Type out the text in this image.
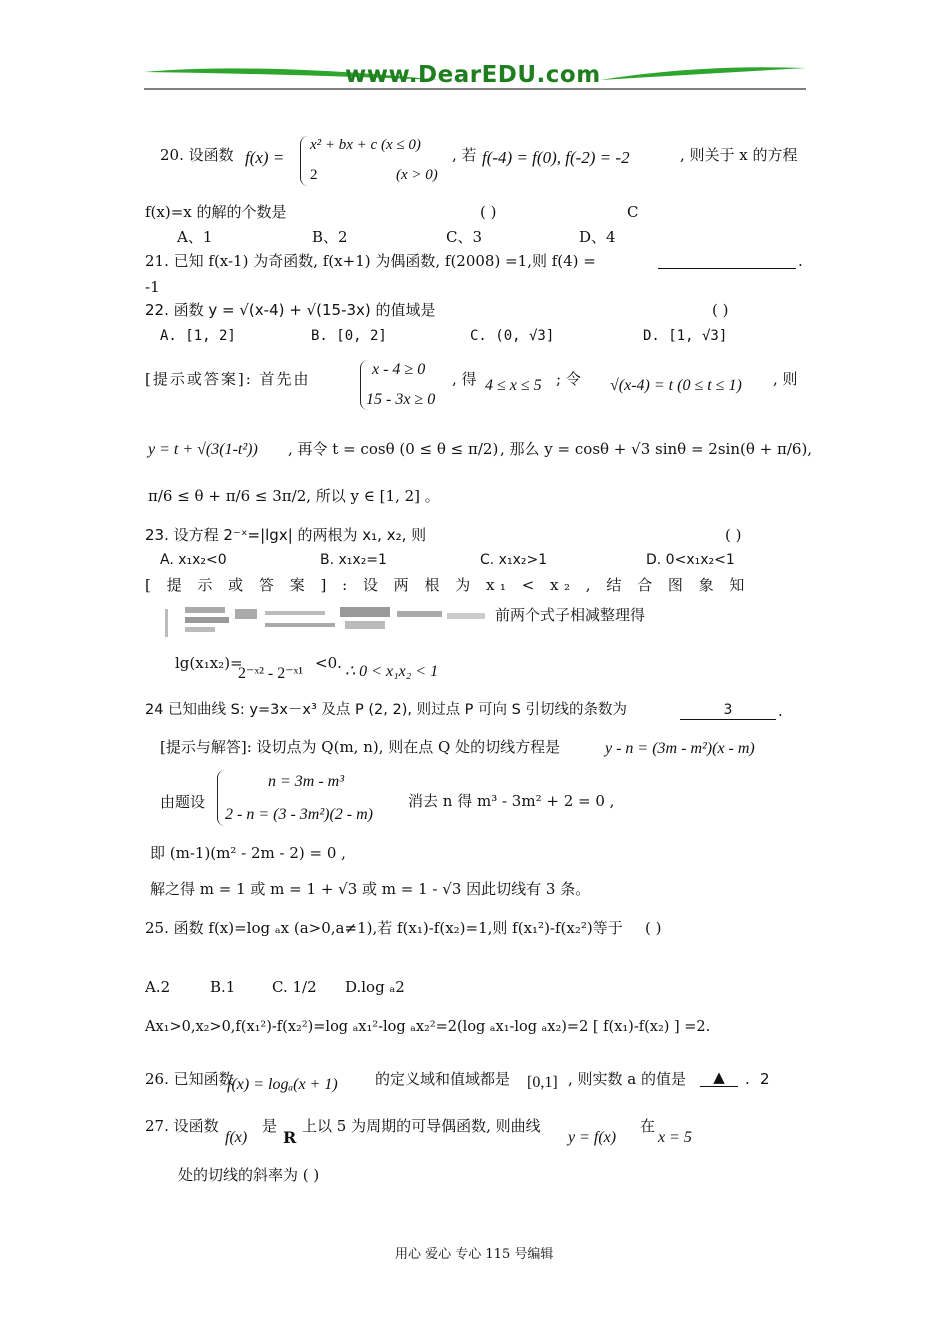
www.DearEDU.com
20. 设函数 f(x) =
x² + bx + c (x ≤ 0)
2	(x > 0)
, 若 f(-4) = f(0), f(-2) = -2	, 则关于 x 的方程
f(x)=x 的解的个数是	( )	C
A、1	B、2	C、3	D、4
21. 已知 f(x-1) 为奇函数, f(x+1) 为偶函数, f(2008) =1,则 f(4) =	.
-1
22. 函数 y = √(x-4) + √(15-3x) 的值域是	( )
A. [1, 2]	B. [0, 2]	C. (0, √3]	D. [1, √3]
[提示或答案]: 首先由
x - 4 ≥ 0
15 - 3x ≥ 0
, 得 4 ≤ x ≤ 5 ; 令 √(x-4) = t (0 ≤ t ≤ 1) , 则
y = t + √(3(1-t²)) , 再令 t = cosθ (0 ≤ θ ≤ π/2) , 那么 y = cosθ + √3 sinθ = 2sin(θ + π/6),
π/6 ≤ θ + π/6 ≤ 3π/2, 所以 y ∈ [1, 2] 。
23. 设方程 2⁻ˣ=|lgx| 的两根为 x₁, x₂, 则	( )
A. x₁x₂<0	B. x₁x₂=1	C. x₁x₂>1	D. 0<x₁x₂<1
[ 提 示 或 答 案 ] : 设 两 根 为 x₁ < x₂ , 结 合 图 象 知
前两个式子相减整理得
lg(x₁x₂)=
2⁻ˣ² - 2⁻ˣ¹
<0. ∴ 0 < x₁x₂ < 1
24 已知曲线 S: y=3x－x³ 及点 P (2, 2), 则过点 P 可向 S 引切线的条数为	3	.
[提示与解答]: 设切点为 Q(m, n), 则在点 Q 处的切线方程是	y - n = (3m - m²)(x - m)
由题设
n = 3m - m³
2 - n = (3 - 3m²)(2 - m)
消去 n 得 m³ - 3m² + 2 = 0 ,
即 (m-1)(m² - 2m - 2) = 0 ,
解之得 m = 1 或 m = 1 + √3 或 m = 1 - √3 因此切线有 3 条。
25. 函数 f(x)=log ₐx (a>0,a≠1),若 f(x₁)-f(x₂)=1,则 f(x₁²)-f(x₂²)等于 ( )
A.2	B.1 C. 1/2 D.log ₐ2
Ax₁>0,x₂>0,f(x₁²)-f(x₂²)=log ₐx₁²-log ₐx₂²=2(log ₐx₁-log ₐx₂)=2 [ f(x₁)-f(x₂) ] =2.
26. 已知函数
f(x) = logₐ(x + 1) 的定义域和值域都是 [0,1] , 则实数 a 的值是	▲	. 2
27. 设函数
f(x)
是
R
上以 5 为周期的可导偶函数, 则曲线
y = f(x)
在
x = 5
处的切线的斜率为 ( )
用心 爱心 专心 115 号编辑
